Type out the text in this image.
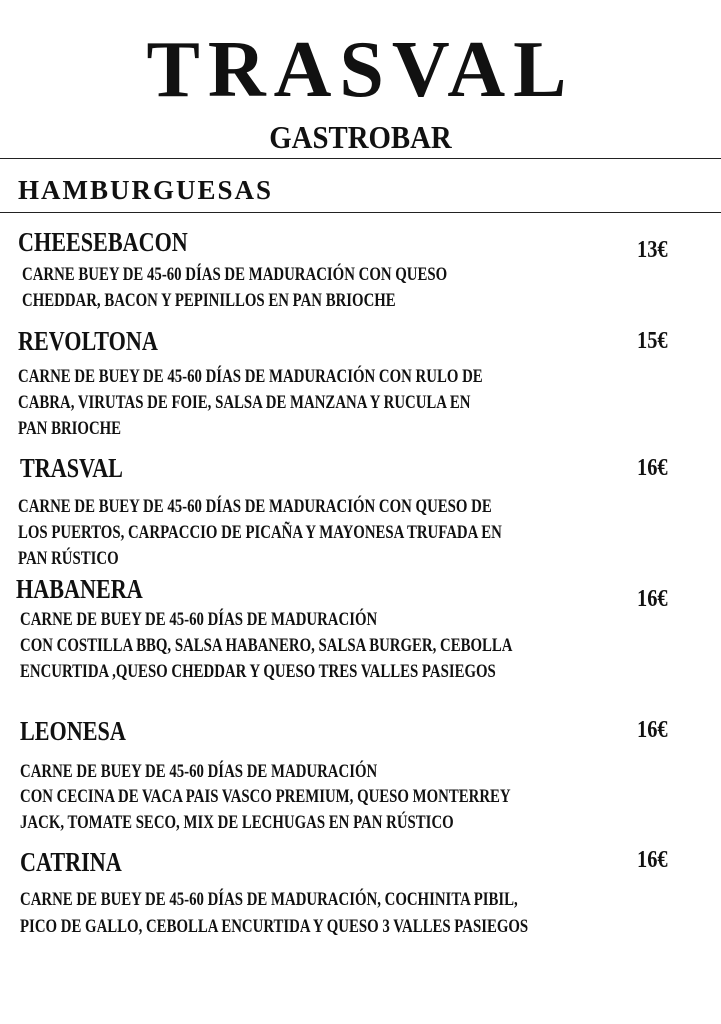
TRASVAL
GASTROBAR
HAMBURGUESAS
CHEESEBACON	13€
CARNE BUEY DE 45-60 DÍAS DE MADURACIÓN CON QUESO
CHEDDAR, BACON Y PEPINILLOS EN PAN BRIOCHE
REVOLTONA	15€
CARNE DE BUEY DE 45-60 DÍAS DE MADURACIÓN CON RULO DE
CABRA, VIRUTAS DE FOIE, SALSA DE MANZANA Y RUCULA EN
PAN BRIOCHE
TRASVAL	16€
CARNE DE BUEY DE 45-60 DÍAS DE MADURACIÓN CON QUESO DE
LOS PUERTOS, CARPACCIO DE PICAÑA Y MAYONESA TRUFADA EN
PAN RÚSTICO
HABANERA	16€
CARNE DE BUEY DE 45-60 DÍAS DE MADURACIÓN
CON COSTILLA BBQ, SALSA HABANERO, SALSA BURGER, CEBOLLA
ENCURTIDA ,QUESO CHEDDAR Y QUESO TRES VALLES PASIEGOS
LEONESA	16€
CARNE DE BUEY DE 45-60 DÍAS DE MADURACIÓN
CON CECINA DE VACA PAIS VASCO PREMIUM, QUESO MONTERREY
JACK, TOMATE SECO, MIX DE LECHUGAS EN PAN RÚSTICO
CATRINA	16€
CARNE DE BUEY DE 45-60 DÍAS DE MADURACIÓN, COCHINITA PIBIL,
PICO DE GALLO, CEBOLLA ENCURTIDA Y QUESO 3 VALLES PASIEGOS
